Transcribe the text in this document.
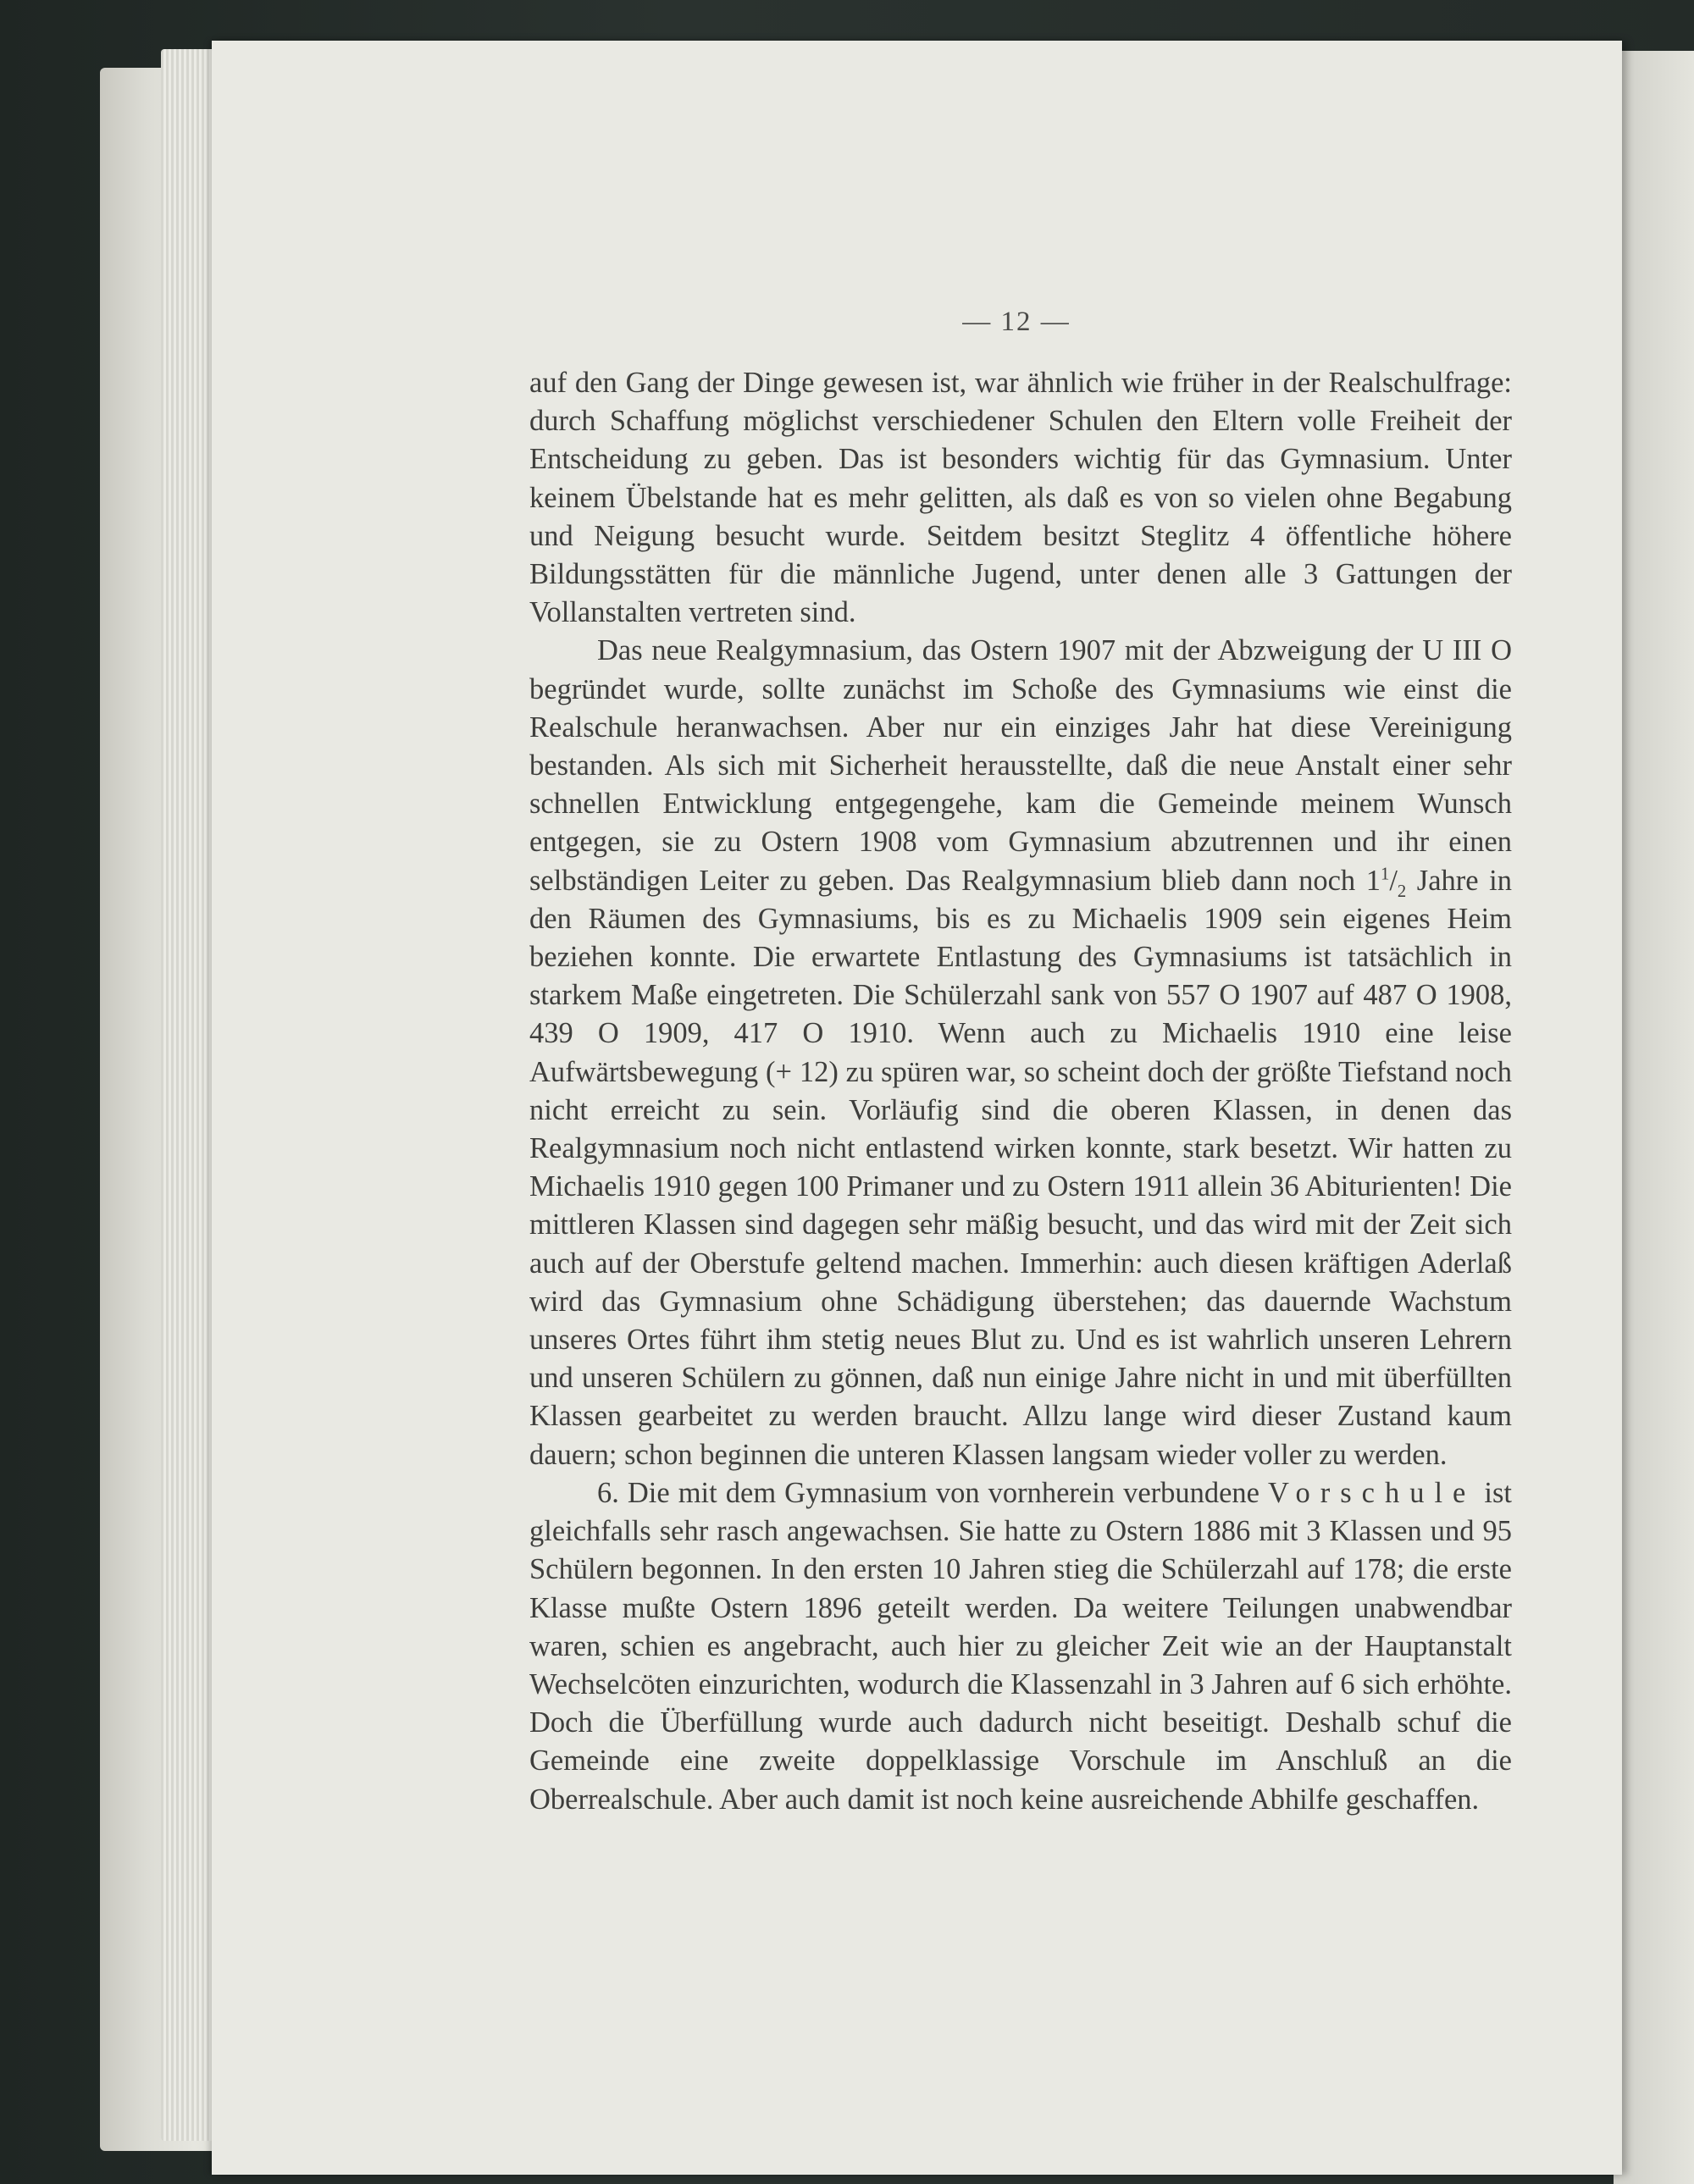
— 12 —

auf den Gang der Dinge gewesen ist, war ähnlich wie früher in der Realschulfrage: durch Schaffung möglichst verschiedener Schulen den Eltern volle Freiheit der Entscheidung zu geben. Das ist besonders wichtig für das Gymnasium. Unter keinem Übelstande hat es mehr gelitten, als daß es von so vielen ohne Begabung und Neigung besucht wurde. Seitdem besitzt Steglitz 4 öffentliche höhere Bildungsstätten für die männliche Jugend, unter denen alle 3 Gattungen der Vollanstalten vertreten sind.

Das neue Realgymnasium, das Ostern 1907 mit der Abzweigung der U III O begründet wurde, sollte zunächst im Schoße des Gymnasiums wie einst die Realschule heranwachsen. Aber nur ein einziges Jahr hat diese Vereinigung bestanden. Als sich mit Sicherheit herausstellte, daß die neue Anstalt einer sehr schnellen Entwicklung entgegengehe, kam die Gemeinde meinem Wunsch entgegen, sie zu Ostern 1908 vom Gymnasium abzutrennen und ihr einen selbständigen Leiter zu geben. Das Realgymnasium blieb dann noch $1^1/_2$ Jahre in den Räumen des Gymnasiums, bis es zu Michaelis 1909 sein eigenes Heim beziehen konnte. Die erwartete Entlastung des Gymnasiums ist tatsächlich in starkem Maße eingetreten. Die Schülerzahl sank von 557 O 1907 auf 487 O 1908, 439 O 1909, 417 O 1910. Wenn auch zu Michaelis 1910 eine leise Aufwärtsbewegung (+ 12) zu spüren war, so scheint doch der größte Tiefstand noch nicht erreicht zu sein. Vorläufig sind die oberen Klassen, in denen das Realgymnasium noch nicht entlastend wirken konnte, stark besetzt. Wir hatten zu Michaelis 1910 gegen 100 Primaner und zu Ostern 1911 allein 36 Abiturienten! Die mittleren Klassen sind dagegen sehr mäßig besucht, und das wird mit der Zeit sich auch auf der Oberstufe geltend machen. Immerhin: auch diesen kräftigen Aderlaß wird das Gymnasium ohne Schädigung überstehen; das dauernde Wachstum unseres Ortes führt ihm stetig neues Blut zu. Und es ist wahrlich unseren Lehrern und unseren Schülern zu gönnen, daß nun einige Jahre nicht in und mit überfüllten Klassen gearbeitet zu werden braucht. Allzu lange wird dieser Zustand kaum dauern; schon beginnen die unteren Klassen langsam wieder voller zu werden.

6. Die mit dem Gymnasium von vornherein verbundene Vorschule ist gleichfalls sehr rasch angewachsen. Sie hatte zu Ostern 1886 mit 3 Klassen und 95 Schülern begonnen. In den ersten 10 Jahren stieg die Schülerzahl auf 178; die erste Klasse mußte Ostern 1896 geteilt werden. Da weitere Teilungen unabwendbar waren, schien es angebracht, auch hier zu gleicher Zeit wie an der Hauptanstalt Wechselcöten einzurichten, wodurch die Klassenzahl in 3 Jahren auf 6 sich erhöhte. Doch die Überfüllung wurde auch dadurch nicht beseitigt. Deshalb schuf die Gemeinde eine zweite doppelklassige Vorschule im Anschluß an die Oberrealschule. Aber auch damit ist noch keine ausreichende Abhilfe geschaffen.
